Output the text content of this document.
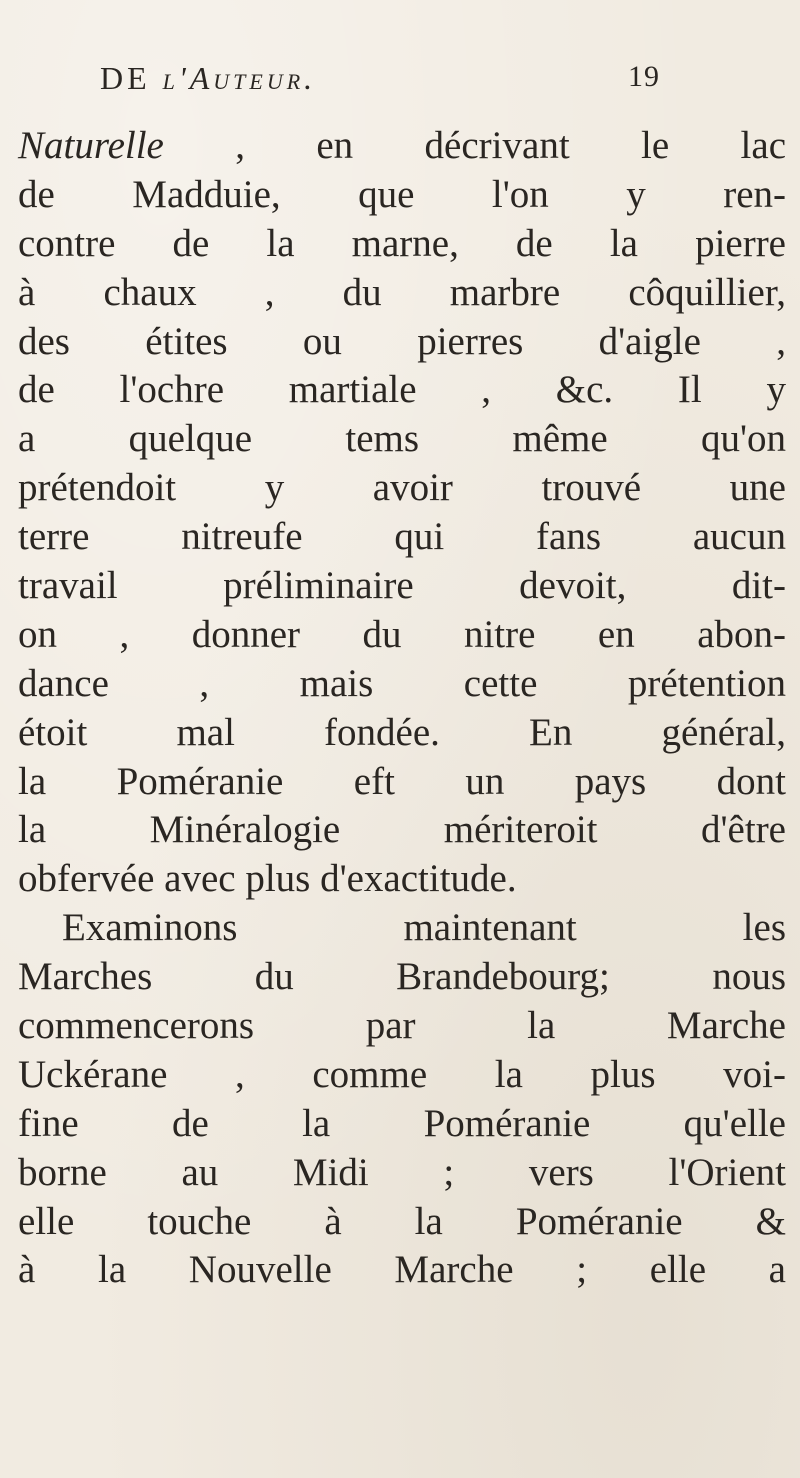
DE l'Auteur.	19
Naturelle , en décrivant le lac
de Madduie, que l'on y ren-
contre de la marne, de la pierre
à chaux , du marbre côquillier,
des étites ou pierres d'aigle ,
de l'ochre martiale , &c. Il y
a quelque tems même qu'on
prétendoit y avoir trouvé une
terre nitreufe qui fans aucun
travail préliminaire devoit, dit-
on , donner du nitre en abon-
dance , mais cette prétention
étoit mal fondée. En général,
la Poméranie eft un pays dont
la Minéralogie mériteroit d'être
obfervée avec plus d'exactitude.
Examinons maintenant les
Marches du Brandebourg; nous
commencerons par la Marche
Uckérane , comme la plus voi-
fine de la Poméranie qu'elle
borne au Midi ; vers l'Orient
elle touche à la Poméranie &
à la Nouvelle Marche ; elle a
